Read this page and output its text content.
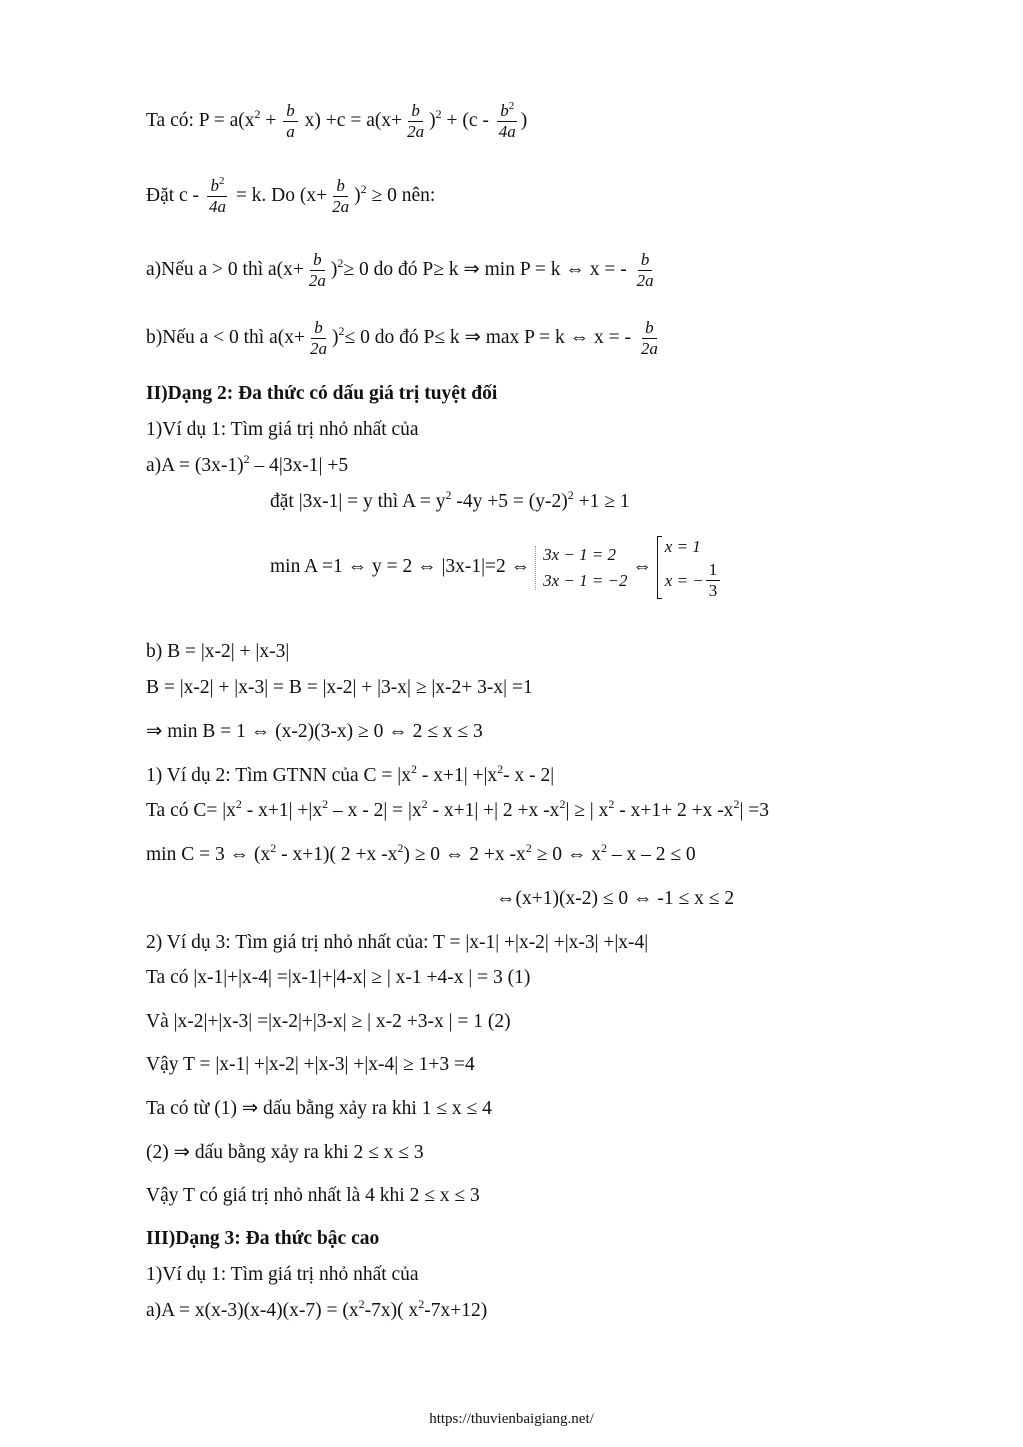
Ta có: $P = a(x^2 + \frac{b}{a} x) +c = a(x+ \frac{b}{2a} )^2 + (c - \frac{b^2}{4a}$ )
Đặt $c - \frac{b^2}{4a} = k$. Do $(x+ \frac{b}{2a} )^2 \ge 0$ nên:
a)Nếu a > 0 thì $a(x+ \frac{b}{2a} )^2\ge 0$ do đó P≥ k ⇒ min P = k ⇔ x = - $\frac{b}{2a}$
b)Nếu a < 0 thì $a(x+ \frac{b}{2a} )^2\le 0$ do đó P≤ k ⇒ max P = k ⇔ x = - $\frac{b}{2a}$
II)Dạng 2: Đa thức có dấu giá trị tuyệt đối
1)Ví dụ 1: Tìm giá trị nhỏ nhất của
$a)A = (3x-1)^2 - 4|3x-1| +5$
đặt |3x-1| = y thì $A = y^2$ $-4y +5 = (y-2)^2 +1 \ge 1$
min A =1 ⇔ y = 2 ⇔ |3x-1|=2 ⇔
3x − 1 = 2
3x − 1 = −2
⇔
x = 1
x = − $\frac{1}{3}$
b) B = |x-2| + |x-3|
B = |x-2| + |x-3| = B = |x-2| + |3-x| ≥ |x-2+ 3-x| =1
⇒ min B = 1 ⇔ (x-2)(3-x) ≥ 0 ⇔ 2 ≤ x ≤ 3
1) Ví dụ 2: Tìm GTNN của $C = |x^2 - x+1| +|x^2-$ x - 2|
Ta có $C= |x^2 - x+1| +|x^2 - x - 2| = |x^2 - x+1|$ +| 2 +x $-x^2|$ ≥ | $x^2 - x+1+ 2 +x$ $-x^2| =3$
min C = 3 ⇔ $(x^2 - x+1)$( 2 +x $-x^2) \ge 0$ ⇔ 2 +x $-x^2 \ge 0$ ⇔ $x^2 - x - 2 \le 0$
⇔(x+1)(x-2) ≤ 0 ⇔ -1 ≤ x ≤ 2
2) Ví dụ 3: Tìm giá trị nhỏ nhất của: T = |x-1| +|x-2| +|x-3| +|x-4|
Ta có |x-1|+|x-4| =|x-1|+|4-x| ≥ | x-1 +4-x | = 3 (1)
Và |x-2|+|x-3| =|x-2|+|3-x| ≥ | x-2 +3-x | = 1 (2)
Vậy T = |x-1| +|x-2| +|x-3| +|x-4| ≥ 1+3 =4
Ta có từ (1) ⇒ dấu bằng xảy ra khi 1 ≤ x ≤ 4
(2) ⇒ dấu bằng xảy ra khi 2 ≤ x ≤ 3
Vậy T có giá trị nhỏ nhất là 4 khi 2 ≤ x ≤ 3
III)Dạng 3: Đa thức bậc cao
1)Ví dụ 1: Tìm giá trị nhỏ nhất của
$a)A = x(x-3)(x-4)(x-7) = (x^2-7x)$( $x^2-7x+12$)
https://thuvienbaigiang.net/
